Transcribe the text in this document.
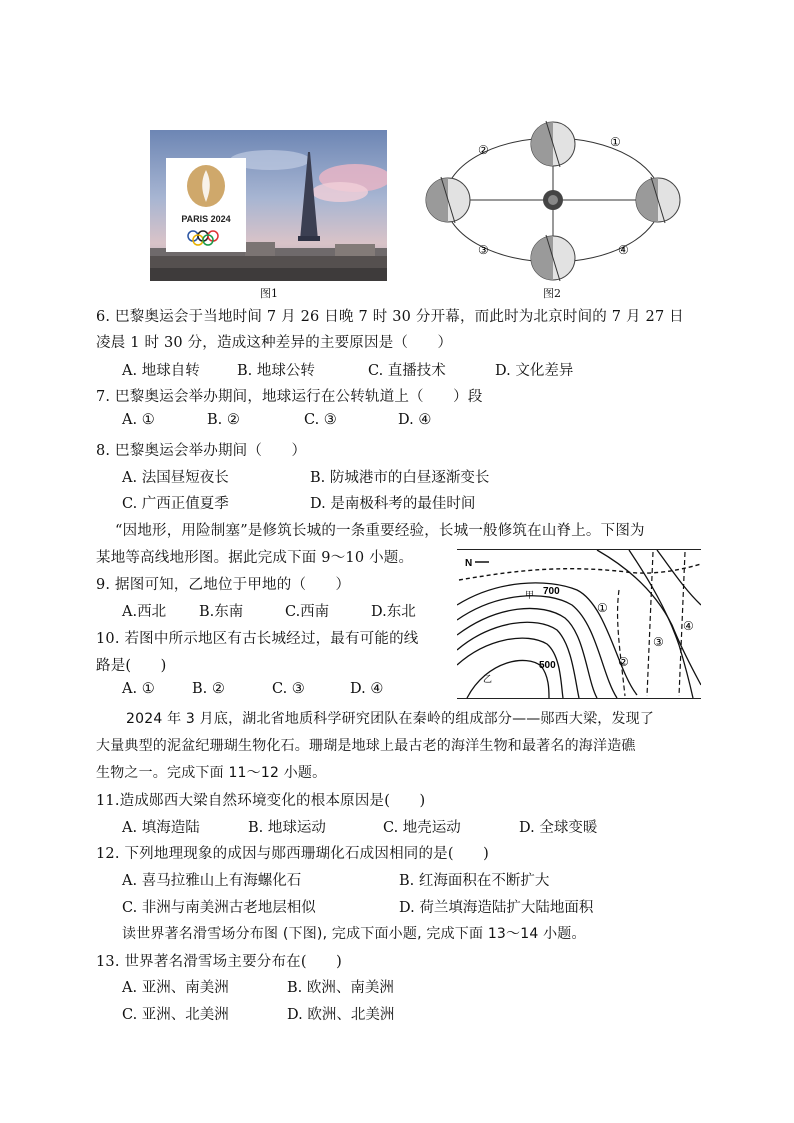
PARIS 2024
图1
①
②
③	④
图2
6. 巴黎奥运会于当地时间 7 月 26 日晚 7 时 30 分开幕，而此时为北京时间的 7 月 27 日
凌晨 1 时 30 分，造成这种差异的主要原因是（　　）
A. 地球自转	B. 地球公转	C. 直播技术	D. 文化差异
7. 巴黎奥运会举办期间，地球运行在公转轨道上（　　）段
A. ①	B. ②	C. ③	D. ④
8. 巴黎奥运会举办期间（　　）
A. 法国昼短夜长	B. 防城港市的白昼逐渐变长
C. 广西正值夏季	D. 是南极科考的最佳时间
“因地形，用险制塞”是修筑长城的一条重要经验，长城一般修筑在山脊上。下图为
某地等高线地形图。据此完成下面 9～10 小题。	N
甲 700
500
乙
②
③
④
①
9. 据图可知，乙地位于甲地的（　　）
A.西北 B.东南	C.西南	D.东北
10. 若图中所示地区有古长城经过，最有可能的线
路是(　　)
A. ①	B. ②	C. ③	D. ④
2024 年 3 月底，湖北省地质科学研究团队在秦岭的组成部分——郧西大梁，发现了
大量典型的泥盆纪珊瑚生物化石。珊瑚是地球上最古老的海洋生物和最著名的海洋造礁
生物之一。完成下面 11～12 小题。
11.造成郧西大梁自然环境变化的根本原因是(　　)
A. 填海造陆	B. 地球运动	C. 地壳运动	D. 全球变暖
12. 下列地理现象的成因与郧西珊瑚化石成因相同的是(　　)
A. 喜马拉雅山上有海螺化石	B. 红海面积在不断扩大
C. 非洲与南美洲古老地层相似	D. 荷兰填海造陆扩大陆地面积
读世界著名滑雪场分布图 (下图), 完成下面小题, 完成下面 13～14 小题。
13. 世界著名滑雪场主要分布在(　　)
A. 亚洲、南美洲	B. 欧洲、南美洲
C. 亚洲、北美洲	D. 欧洲、北美洲
